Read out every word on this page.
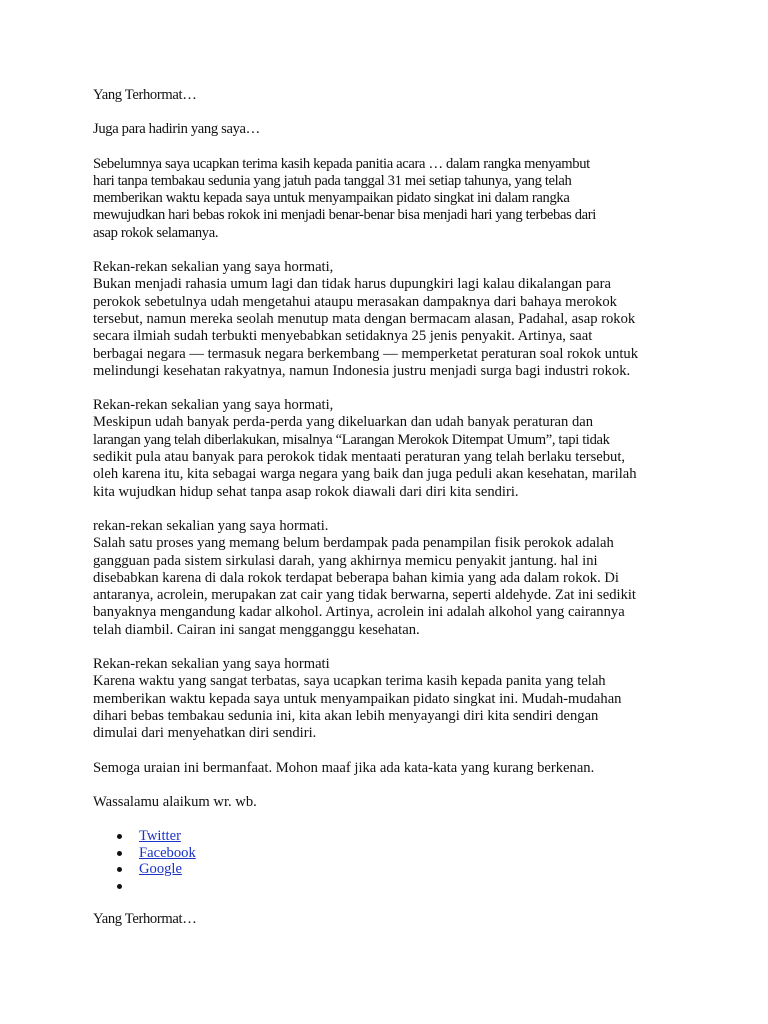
Yang Terhormat…

Juga para hadirin yang saya…

Sebelumnya saya ucapkan terima kasih kepada panitia acara … dalam rangka menyambut
hari tanpa tembakau sedunia yang jatuh pada tanggal 31 mei setiap tahunya, yang telah
memberikan waktu kepada saya untuk menyampaikan pidato singkat ini dalam rangka
mewujudkan hari bebas rokok ini menjadi benar-benar bisa menjadi hari yang terbebas dari
asap rokok selamanya.

Rekan-rekan sekalian yang saya hormati,
Bukan menjadi rahasia umum lagi dan tidak harus dupungkiri lagi kalau dikalangan para
perokok sebetulnya udah mengetahui ataupu merasakan dampaknya dari bahaya merokok
tersebut, namun mereka seolah menutup mata dengan bermacam alasan, Padahal, asap rokok
secara ilmiah sudah terbukti menyebabkan setidaknya 25 jenis penyakit. Artinya, saat
berbagai negara — termasuk negara berkembang — memperketat peraturan soal rokok untuk
melindungi kesehatan rakyatnya, namun Indonesia justru menjadi surga bagi industri rokok.

Rekan-rekan sekalian yang saya hormati,
Meskipun udah banyak perda-perda yang dikeluarkan dan udah banyak peraturan dan
larangan yang telah diberlakukan, misalnya “Larangan Merokok Ditempat Umum”, tapi tidak
sedikit pula atau banyak para perokok tidak mentaati peraturan yang telah berlaku tersebut,
oleh karena itu, kita sebagai warga negara yang baik dan juga peduli akan kesehatan, marilah
kita wujudkan hidup sehat tanpa asap rokok diawali dari diri kita sendiri.

rekan-rekan sekalian yang saya hormati.
Salah satu proses yang memang belum berdampak pada penampilan fisik perokok adalah
gangguan pada sistem sirkulasi darah, yang akhirnya memicu penyakit jantung. hal ini
disebabkan karena di dala rokok terdapat beberapa bahan kimia yang ada dalam rokok. Di
antaranya, acrolein, merupakan zat cair yang tidak berwarna, seperti aldehyde. Zat ini sedikit
banyaknya mengandung kadar alkohol. Artinya, acrolein ini adalah alkohol yang cairannya
telah diambil. Cairan ini sangat mengganggu kesehatan.

Rekan-rekan sekalian yang saya hormati
Karena waktu yang sangat terbatas, saya ucapkan terima kasih kepada panita yang telah
memberikan waktu kepada saya untuk menyampaikan pidato singkat ini. Mudah-mudahan
dihari bebas tembakau sedunia ini, kita akan lebih menyayangi diri kita sendiri dengan
dimulai dari menyehatkan diri sendiri.

Semoga uraian ini bermanfaat. Mohon maaf jika ada kata-kata yang kurang berkenan.

Wassalamu alaikum wr. wb.

Twitter
Facebook
Google

Yang Terhormat…
